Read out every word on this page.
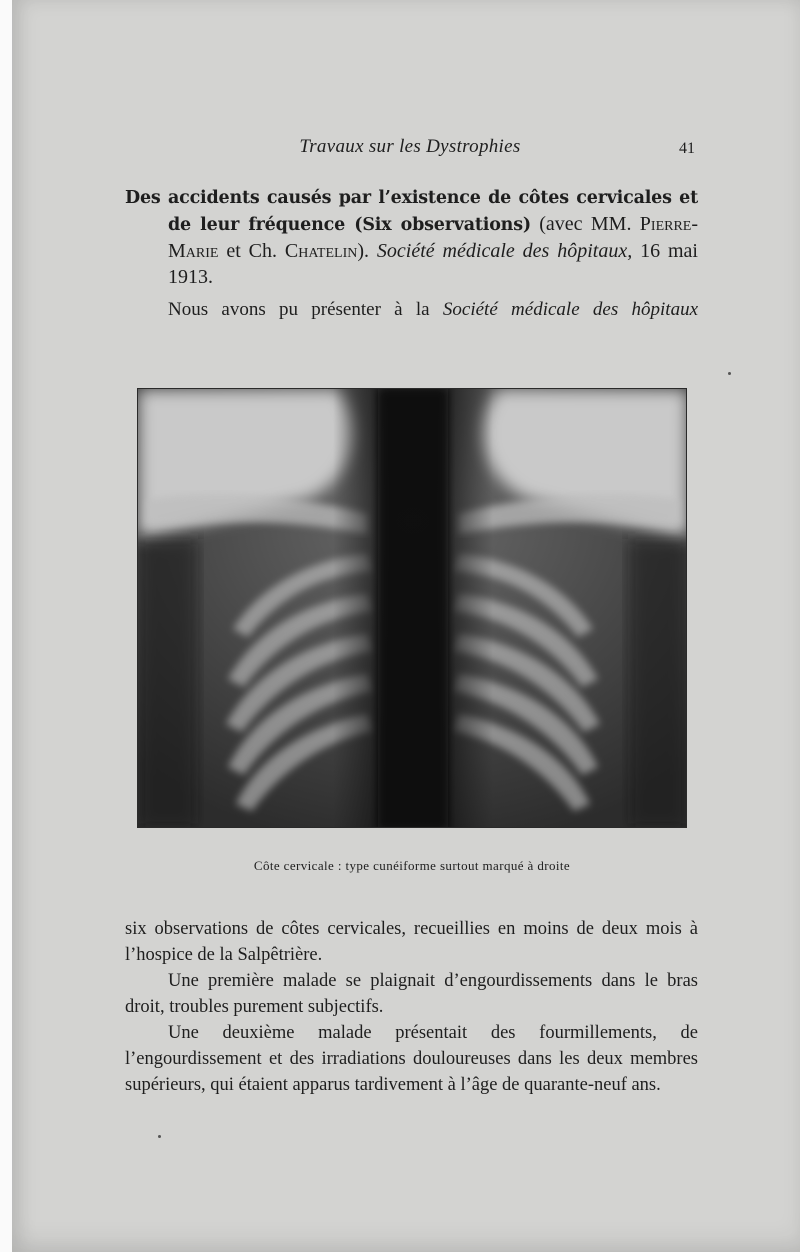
Travaux sur les Dystrophies	41

Des accidents causés par l’existence de côtes cervicales et de leur fréquence (Six observations) (avec MM. Pierre-Marie et Ch. Chatelin). Société médicale des hôpitaux, 16 mai 1913.

Nous avons pu présenter à la Société médicale des hôpitaux
Côte cervicale : type cunéiforme surtout marqué à droite

six observations de côtes cervicales, recueillies en moins de deux mois à l’hospice de la Salpêtrière.

Une première malade se plaignait d’engourdissements dans le bras droit, troubles purement subjectifs.

Une deuxième malade présentait des fourmillements, de l’engourdissement et des irradiations douloureuses dans les deux membres supérieurs, qui étaient apparus tardivement à l’âge de quarante-neuf ans.
